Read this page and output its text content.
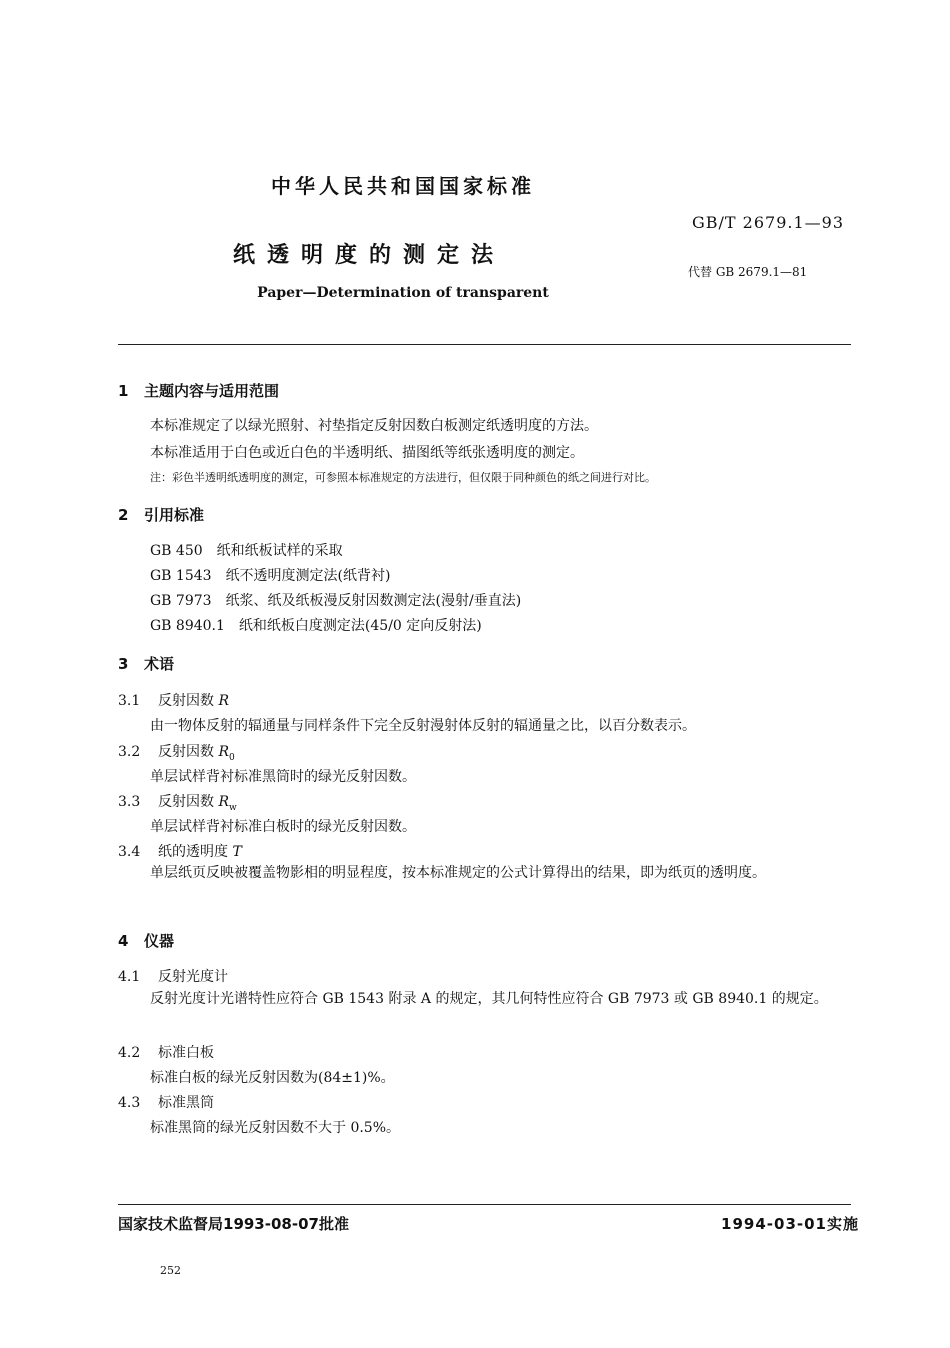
中华人民共和国国家标准
GB/T 2679.1—93
纸透明度的测定法
代替 GB 2679.1—81
Paper—Determination of transparent
1 主题内容与适用范围
本标准规定了以绿光照射、衬垫指定反射因数白板测定纸透明度的方法。
本标准适用于白色或近白色的半透明纸、描图纸等纸张透明度的测定。
注：彩色半透明纸透明度的测定，可参照本标准规定的方法进行，但仅限于同种颜色的纸之间进行对比。
2 引用标准
GB 450 纸和纸板试样的采取
GB 1543 纸不透明度测定法(纸背衬)
GB 7973 纸浆、纸及纸板漫反射因数测定法(漫射/垂直法)
GB 8940.1 纸和纸板白度测定法(45/0 定向反射法)
3 术语
3.1 反射因数 R
由一物体反射的辐通量与同样条件下完全反射漫射体反射的辐通量之比，以百分数表示。
3.2 反射因数 $R_0$
单层试样背衬标准黑筒时的绿光反射因数。
3.3 反射因数 $R_w$
单层试样背衬标准白板时的绿光反射因数。
3.4 纸的透明度 T
单层纸页反映被覆盖物影相的明显程度，按本标准规定的公式计算得出的结果，即为纸页的透明度。
4 仪器
4.1 反射光度计
反射光度计光谱特性应符合 GB 1543 附录 A 的规定，其几何特性应符合 GB 7973 或 GB 8940.1 的规定。
4.2 标准白板
标准白板的绿光反射因数为(84±1)%。
4.3 标准黑筒
标准黑筒的绿光反射因数不大于 0.5%。
国家技术监督局1993-08-07批准	1994-03-01实施
252
